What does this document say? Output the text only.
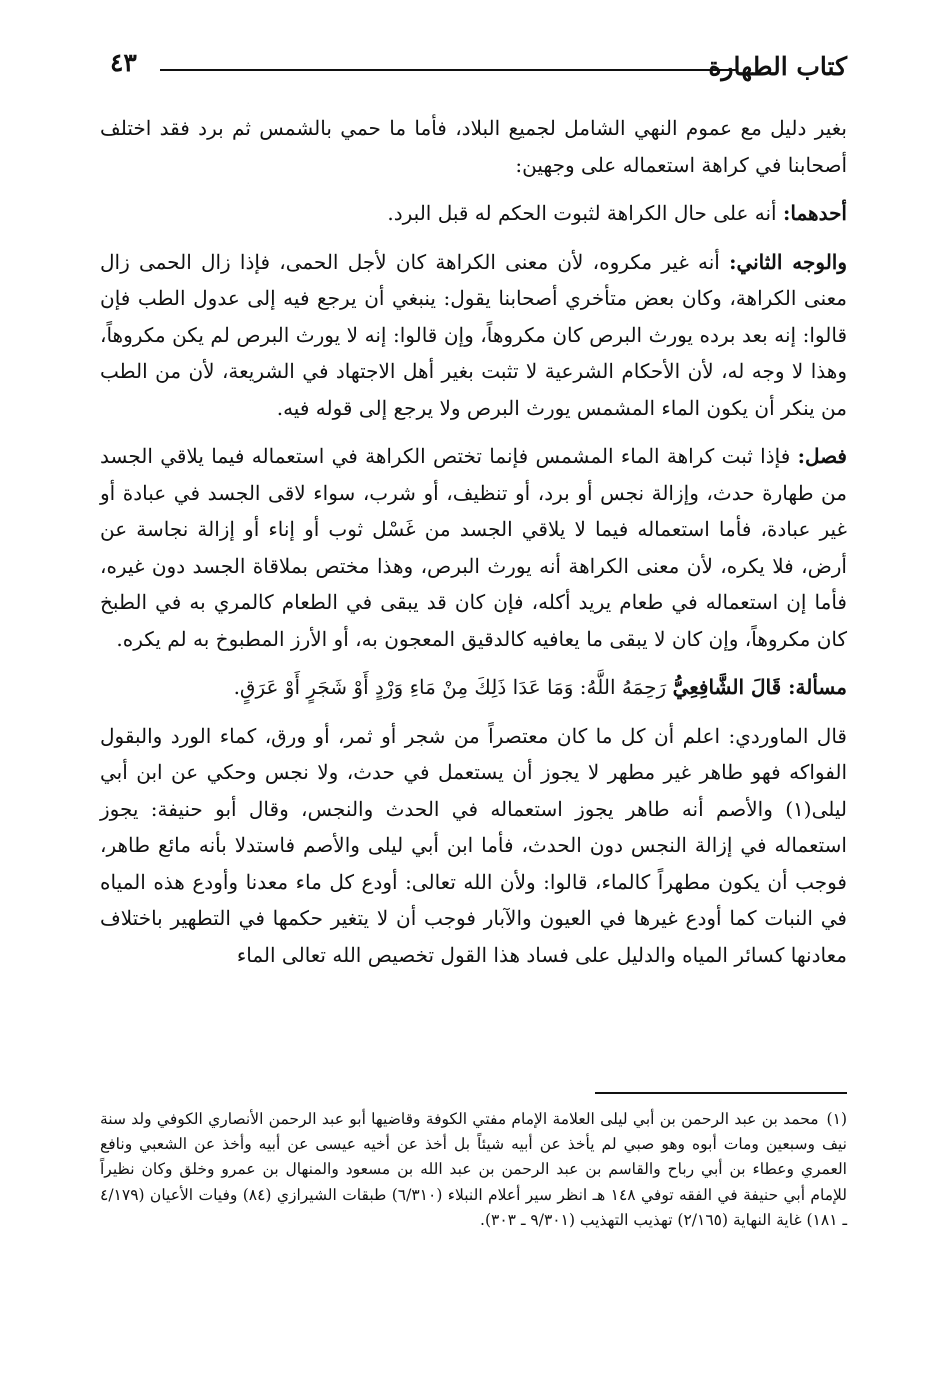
كتاب الطهارة
٤٣

بغير دليل مع عموم النهي الشامل لجميع البلاد، فأما ما حمي بالشمس ثم برد فقد اختلف أصحابنا في كراهة استعماله على وجهين:

أحدهما: أنه على حال الكراهة لثبوت الحكم له قبل البرد.

والوجه الثاني: أنه غير مكروه، لأن معنى الكراهة كان لأجل الحمى، فإذا زال الحمى زال معنى الكراهة، وكان بعض متأخري أصحابنا يقول: ينبغي أن يرجع فيه إلى عدول الطب فإن قالوا: إنه بعد برده يورث البرص كان مكروهاً، وإن قالوا: إنه لا يورث البرص لم يكن مكروهاً، وهذا لا وجه له، لأن الأحكام الشرعية لا تثبت بغير أهل الاجتهاد في الشريعة، لأن من الطب من ينكر أن يكون الماء المشمس يورث البرص ولا يرجع إلى قوله فيه.

فصل: فإذا ثبت كراهة الماء المشمس فإنما تختص الكراهة في استعماله فيما يلاقي الجسد من طهارة حدث، وإزالة نجس أو برد، أو تنظيف، أو شرب، سواء لاقى الجسد في عبادة أو غير عبادة، فأما استعماله فيما لا يلاقي الجسد من غَسْل ثوب أو إناء أو إزالة نجاسة عن أرض، فلا يكره، لأن معنى الكراهة أنه يورث البرص، وهذا مختص بملاقاة الجسد دون غيره، فأما إن استعماله في طعام يريد أكله، فإن كان قد يبقى في الطعام كالمري به في الطبخ كان مكروهاً، وإن كان لا يبقى ما يعافيه كالدقيق المعجون به، أو الأرز المطبوخ به لم يكره.

مسألة: قَالَ الشَّافِعِيُّ رَحِمَهُ اللَّهُ: وَمَا عَدَا ذَلِكَ مِنْ مَاءِ وَرْدٍ أَوْ شَجَرٍ أَوْ عَرَقٍ.

قال الماوردي: اعلم أن كل ما كان معتصراً من شجر أو ثمر، أو ورق، كماء الورد والبقول الفواكه فهو طاهر غير مطهر لا يجوز أن يستعمل في حدث، ولا نجس وحكي عن ابن أبي ليلى(١) والأصم أنه طاهر يجوز استعماله في الحدث والنجس، وقال أبو حنيفة: يجوز استعماله في إزالة النجس دون الحدث، فأما ابن أبي ليلى والأصم فاستدلا بأنه مائع طاهر، فوجب أن يكون مطهراً كالماء، قالوا: ولأن الله تعالى: أودع كل ماء معدنا وأودع هذه المياه في النبات كما أودع غيرها في العيون والآبار فوجب أن لا يتغير حكمها في التطهير باختلاف معادنها كسائر المياه والدليل على فساد هذا القول تخصيص الله تعالى الماء

(١)محمد بن عبد الرحمن بن أبي ليلى العلامة الإمام مفتي الكوفة وقاضيها أبو عبد الرحمن الأنصاري الكوفي ولد سنة نيف وسبعين ومات أبوه وهو صبي لم يأخذ عن أبيه شيئاً بل أخذ عن أخيه عيسى عن أبيه وأخذ عن الشعبي ونافع العمري وعطاء بن أبي رباح والقاسم بن عبد الرحمن بن عبد الله بن مسعود والمنهال بن عمرو وخلق وكان نظيراً للإمام أبي حنيفة في الفقه توفي ١٤٨ هـ انظر سير أعلام النبلاء (٦/٣١٠) طبقات الشيرازي (٨٤) وفيات الأعيان (٤/١٧٩ ـ ١٨١) غاية النهاية (٢/١٦٥) تهذيب التهذيب (٩/٣٠١ ـ ٣٠٣).
